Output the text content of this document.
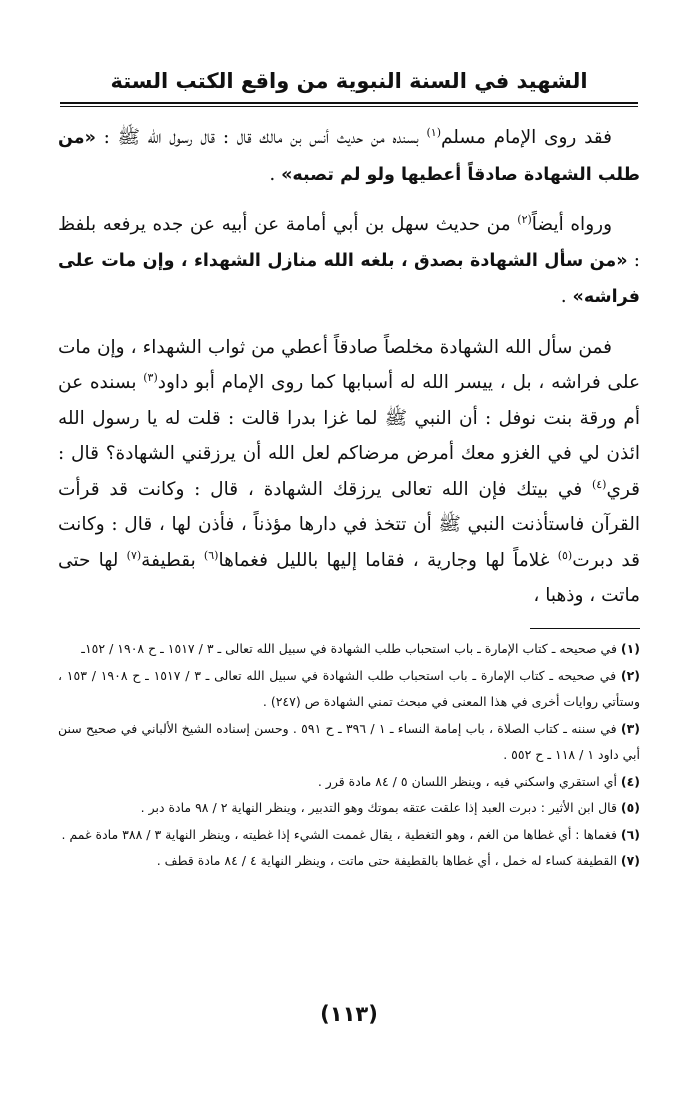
الشهيد في السنة النبوية من واقع الكتب الستة

فقد روى الإمام مسلم$^{(١)}$ بسنده من حديث أنس بن مالك قال : قال رسول الله ﷺ : «من طلب الشهادة صادقاً أعطيها ولو لم تصبه» .

ورواه أيضاً$^{(٢)}$ من حديث سهل بن أبي أمامة عن أبيه عن جده يرفعه بلفظ : «من سأل الشهادة بصدق ، بلغه الله منازل الشهداء ، وإن مات على فراشه» .

فمن سأل الله الشهادة مخلصاً صادقاً أعطي من ثواب الشهداء ، وإن مات على فراشه ، بل ، ييسر الله له أسبابها كما روى الإمام أبو داود$^{(٣)}$ بسنده عن أم ورقة بنت نوفل : أن النبي ﷺ لما غزا بدرا قالت : قلت له يا رسول الله ائذن لي في الغزو معك أمرض مرضاكم لعل الله أن يرزقني الشهادة؟ قال : قري$^{(٤)}$ في بيتك فإن الله تعالى يرزقك الشهادة ، قال : وكانت قد قرأت القرآن فاستأذنت النبي ﷺ أن تتخذ في دارها مؤذناً ، فأذن لها ، قال : وكانت قد دبرت$^{(٥)}$ غلاماً لها وجارية ، فقاما إليها بالليل فغماها$^{(٦)}$ بقطيفة$^{(٧)}$ لها حتى ماتت ، وذهبا ،

(١) في صحيحه ـ كتاب الإمارة ـ باب استحباب طلب الشهادة في سبيل الله تعالى ـ ٣ / ١٥١٧ ـ ح ١٩٠٨ / ١٥٢ـ

(٢) في صحيحه ـ كتاب الإمارة ـ باب استحباب طلب الشهادة في سبيل الله تعالى ـ ٣ / ١٥١٧ ـ ح ١٩٠٨ / ١٥٣ ، وستأتي روايات أخرى في هذا المعنى في مبحث تمني الشهادة ص (٢٤٧) .

(٣) في سننه ـ كتاب الصلاة ، باب إمامة النساء ـ ١ / ٣٩٦ ـ ح ٥٩١ . وحسن إسناده الشيخ الألباني في صحيح سنن أبي داود ١ / ١١٨ ـ ح ٥٥٢ .

(٤) أي استقري واسكني فيه ، وينظر اللسان ٥ / ٨٤ مادة قرر .

(٥) قال ابن الأثير : دبرت العبد إذا علقت عتقه بموتك وهو التدبير ، وينظر النهاية ٢ / ٩٨ مادة دبر .

(٦) فغماها : أي غطاها من الغم ، وهو التغطية ، يقال غممت الشيء إذا غطيته ، وينظر النهاية ٣ / ٣٨٨ مادة غمم .

(٧) القطيفة كساء له خمل ، أي غطاها بالقطيفة حتى ماتت ، وينظر النهاية ٤ / ٨٤ مادة قطف .

(١١٣)
